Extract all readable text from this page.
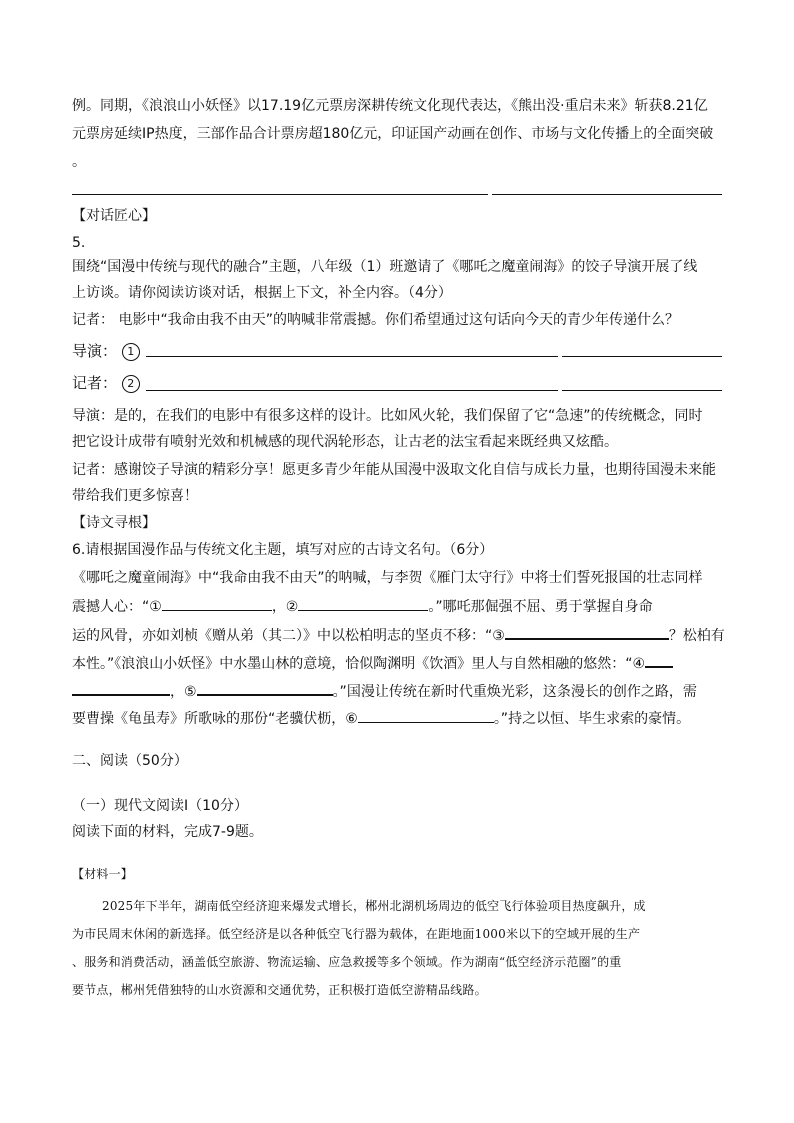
例。同期，《浪浪山小妖怪》以17.19亿元票房深耕传统文化现代表达，《熊出没·重启未来》斩获8.21亿
元票房延续IP热度，三部作品合计票房超180亿元，印证国产动画在创作、市场与文化传播上的全面突破
。
【对话匠心】
5.
围绕“国漫中传统与现代的融合”主题，八年级（1）班邀请了《哪吒之魔童闹海》的饺子导演开展了线
上访谈。请你阅读访谈对话，根据上下文，补全内容。（4分）
记者： 电影中“我命由我不由天”的呐喊非常震撼。你们希望通过这句话向今天的青少年传递什么？
导演： 1
记者： 2
导演：是的，在我们的电影中有很多这样的设计。比如风火轮，我们保留了它“急速”的传统概念，同时
把它设计成带有喷射光效和机械感的现代涡轮形态，让古老的法宝看起来既经典又炫酷。
记者：感谢饺子导演的精彩分享！愿更多青少年能从国漫中汲取文化自信与成长力量，也期待国漫未来能
带给我们更多惊喜！
【诗文寻根】
6.请根据国漫作品与传统文化主题，填写对应的古诗文名句。（6分）
《哪吒之魔童闹海》中“我命由我不由天”的呐喊，与李贺《雁门太守行》中将士们誓死报国的壮志同样
震撼人心：“①	，②	。”哪吒那倔强不屈、勇于掌握自身命
运的风骨，亦如刘桢《赠从弟（其二）》中以松柏明志的坚贞不移：“③	？松柏有
本性。”《浪浪山小妖怪》中水墨山林的意境，恰似陶渊明《饮酒》里人与自然相融的悠然：“④
，⑤	。”国漫让传统在新时代重焕光彩，这条漫长的创作之路，需
要曹操《龟虽寿》所歌咏的那份“老骥伏枥，⑥	。”持之以恒、毕生求索的豪情。
二、阅读（50分）
（一）现代文阅读Ⅰ（10分）
阅读下面的材料，完成7-9题。
【材料一】
2025年下半年，湖南低空经济迎来爆发式增长，郴州北湖机场周边的低空飞行体验项目热度飙升，成
为市民周末休闲的新选择。低空经济是以各种低空飞行器为载体，在距地面1000米以下的空域开展的生产
、服务和消费活动，涵盖低空旅游、物流运输、应急救援等多个领域。作为湖南“低空经济示范圈”的重
要节点，郴州凭借独特的山水资源和交通优势，正积极打造低空游精品线路。
